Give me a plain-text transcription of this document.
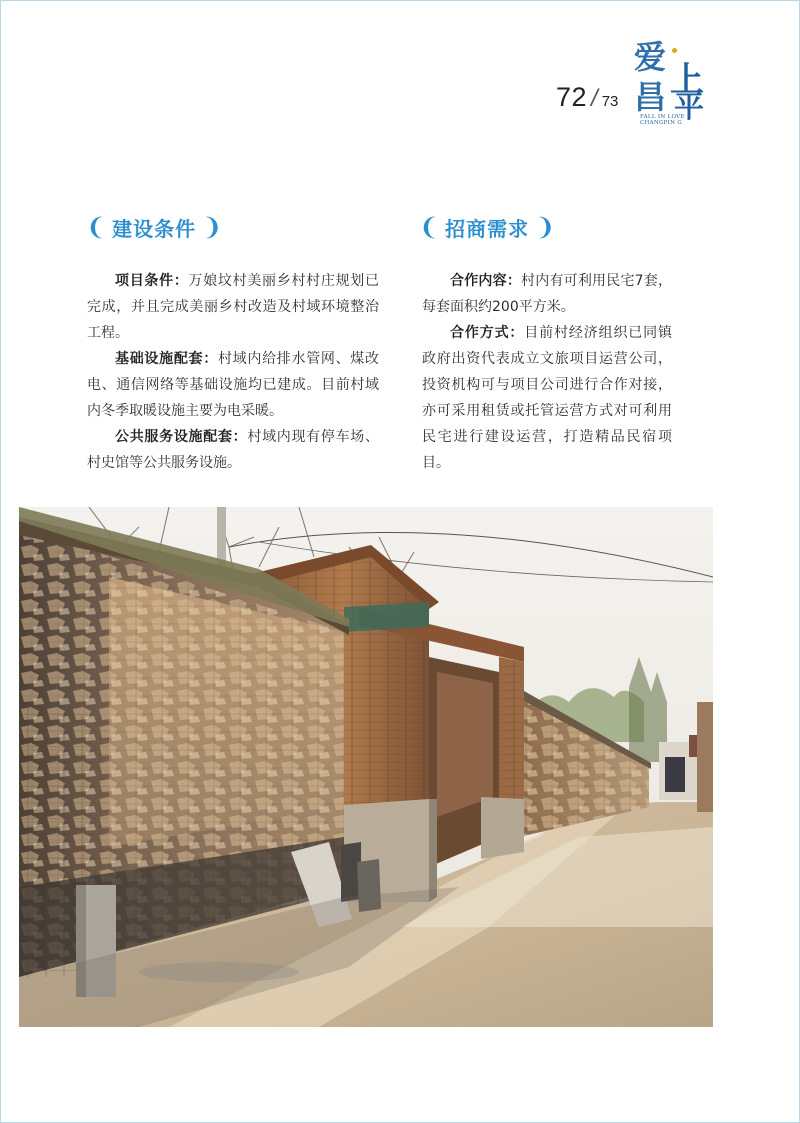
72 / 73
爱
上
昌 平
FALL IN LOVE
CHANGPIN G
❨ 建设条件 ❩	❨ 招商需求 ❩

项目条件：万娘坟村美丽乡村村庄规划已完成，并且完成美丽乡村改造及村域环境整治工程。

基础设施配套：村域内给排水管网、煤改电、通信网络等基础设施均已建成。目前村域内冬季取暖设施主要为电采暖。

公共服务设施配套：村域内现有停车场、村史馆等公共服务设施。

合作内容：村内有可利用民宅7套，每套面积约200平方米。

合作方式：目前村经济组织已同镇政府出资代表成立文旅项目运营公司，投资机构可与项目公司进行合作对接，亦可采用租赁或托管运营方式对可利用民宅进行建设运营，打造精品民宿项目。
